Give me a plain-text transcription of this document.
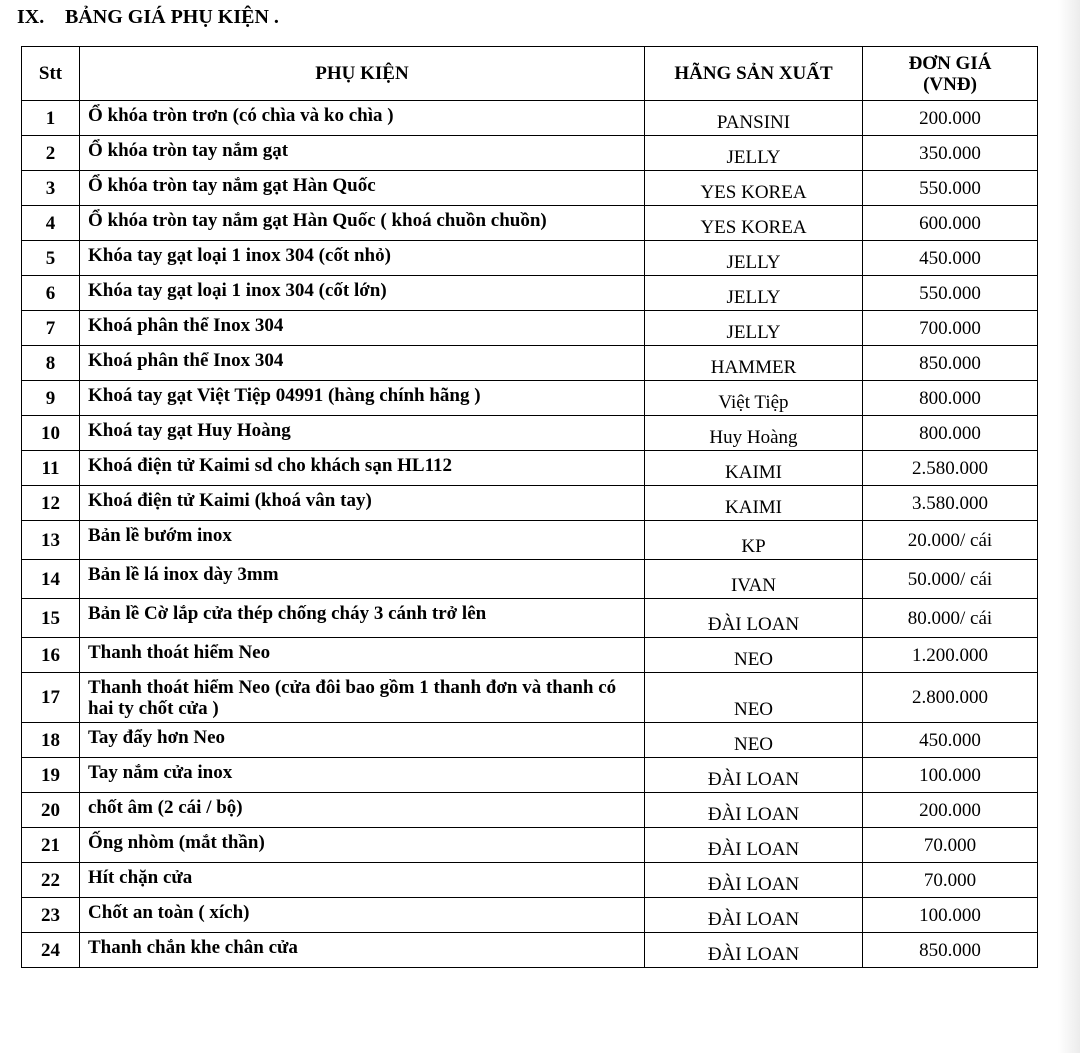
IX. BẢNG GIÁ PHỤ KIỆN .
Stt	PHỤ KIỆN	HÃNG SẢN XUẤT	ĐƠN GIÁ
(VNĐ)

1	Ổ khóa tròn trơn (có chìa và ko chìa )	PANSINI	200.000
2	Ổ khóa tròn tay nắm gạt	JELLY	350.000
3	Ổ khóa tròn tay nắm gạt Hàn Quốc	YES KOREA	550.000
4	Ổ khóa tròn tay nắm gạt Hàn Quốc ( khoá chuồn chuồn)	YES KOREA	600.000
5	Khóa tay gạt loại 1 inox 304 (cốt nhỏ)	JELLY	450.000
6	Khóa tay gạt loại 1 inox 304 (cốt lớn)	JELLY	550.000
7	Khoá phân thể Inox 304	JELLY	700.000
8	Khoá phân thể Inox 304	HAMMER	850.000
9	Khoá tay gạt Việt Tiệp 04991 (hàng chính hãng )	Việt Tiệp	800.000
10	Khoá tay gạt Huy Hoàng	Huy Hoàng	800.000
11	Khoá điện tử Kaimi sd cho khách sạn HL112	KAIMI	2.580.000
12	Khoá điện tử Kaimi (khoá vân tay)	KAIMI	3.580.000
13	Bản lề bướm inox	KP	20.000/ cái
14	Bản lề lá inox dày 3mm	IVAN	50.000/ cái
15	Bản lề Cờ lắp cửa thép chống cháy 3 cánh trở lên	ĐÀI LOAN	80.000/ cái
16	Thanh thoát hiểm Neo	NEO	1.200.000
17	Thanh thoát hiểm Neo (cửa đôi bao gồm 1 thanh đơn và thanh có hai ty chốt cửa )	NEO	2.800.000
18	Tay đẩy hơn Neo	NEO	450.000
19	Tay nắm cửa inox	ĐÀI LOAN	100.000
20	chốt âm (2 cái / bộ)	ĐÀI LOAN	200.000
21	Ống nhòm (mắt thần)	ĐÀI LOAN	70.000
22	Hít chặn cửa	ĐÀI LOAN	70.000
23	Chốt an toàn ( xích)	ĐÀI LOAN	100.000
24	Thanh chắn khe chân cửa	ĐÀI LOAN	850.000
